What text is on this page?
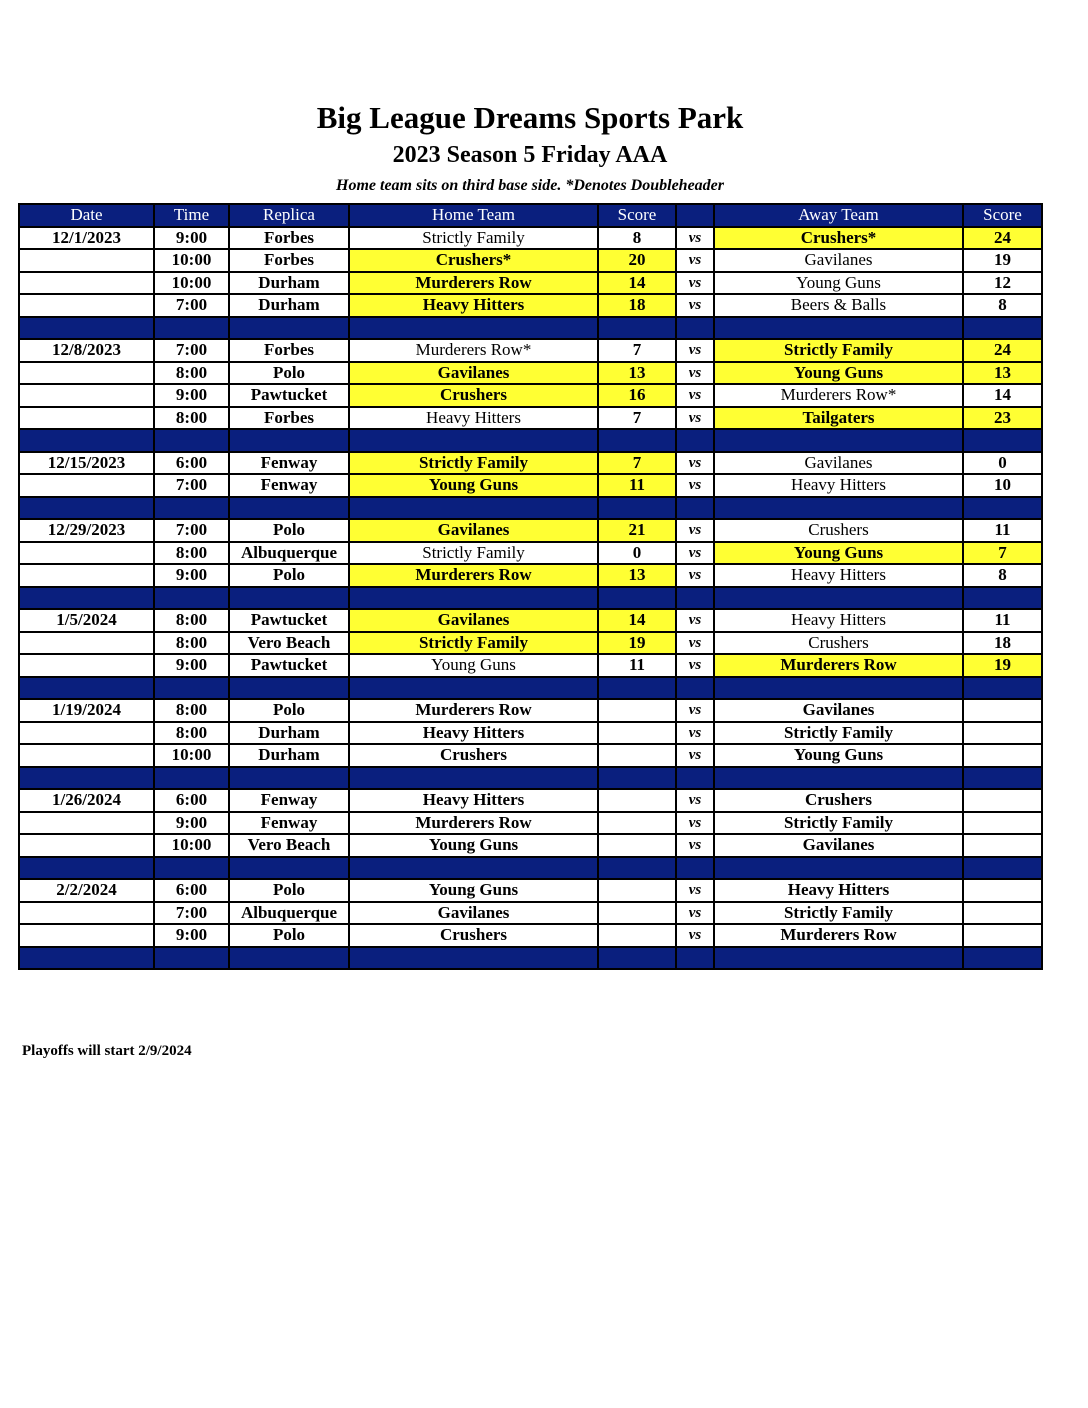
Big League Dreams Sports Park
2023 Season 5 Friday AAA
Home team sits on third base side. *Denotes Doubleheader
Date	Time	Replica	Home Team	Score		Away Team	Score
12/1/2023	9:00	Forbes	Strictly Family	8	vs	Crushers*	24
	10:00	Forbes	Crushers*	20	vs	Gavilanes	19
	10:00	Durham	Murderers Row	14	vs	Young Guns	12
	7:00	Durham	Heavy Hitters	18	vs	Beers & Balls	8

12/8/2023	7:00	Forbes	Murderers Row*	7	vs	Strictly Family	24
	8:00	Polo	Gavilanes	13	vs	Young Guns	13
	9:00	Pawtucket	Crushers	16	vs	Murderers Row*	14
	8:00	Forbes	Heavy Hitters	7	vs	Tailgaters	23

12/15/2023	6:00	Fenway	Strictly Family	7	vs	Gavilanes	0
	7:00	Fenway	Young Guns	11	vs	Heavy Hitters	10

12/29/2023	7:00	Polo	Gavilanes	21	vs	Crushers	11
	8:00	Albuquerque	Strictly Family	0	vs	Young Guns	7
	9:00	Polo	Murderers Row	13	vs	Heavy Hitters	8

1/5/2024	8:00	Pawtucket	Gavilanes	14	vs	Heavy Hitters	11
	8:00	Vero Beach	Strictly Family	19	vs	Crushers	18
	9:00	Pawtucket	Young Guns	11	vs	Murderers Row	19

1/19/2024	8:00	Polo	Murderers Row		vs	Gavilanes	
	8:00	Durham	Heavy Hitters		vs	Strictly Family	
	10:00	Durham	Crushers		vs	Young Guns	

1/26/2024	6:00	Fenway	Heavy Hitters		vs	Crushers	
	9:00	Fenway	Murderers Row		vs	Strictly Family	
	10:00	Vero Beach	Young Guns		vs	Gavilanes	

2/2/2024	6:00	Polo	Young Guns		vs	Heavy Hitters	
	7:00	Albuquerque	Gavilanes		vs	Strictly Family	
	9:00	Polo	Crushers		vs	Murderers Row	

Playoffs will start 2/9/2024
